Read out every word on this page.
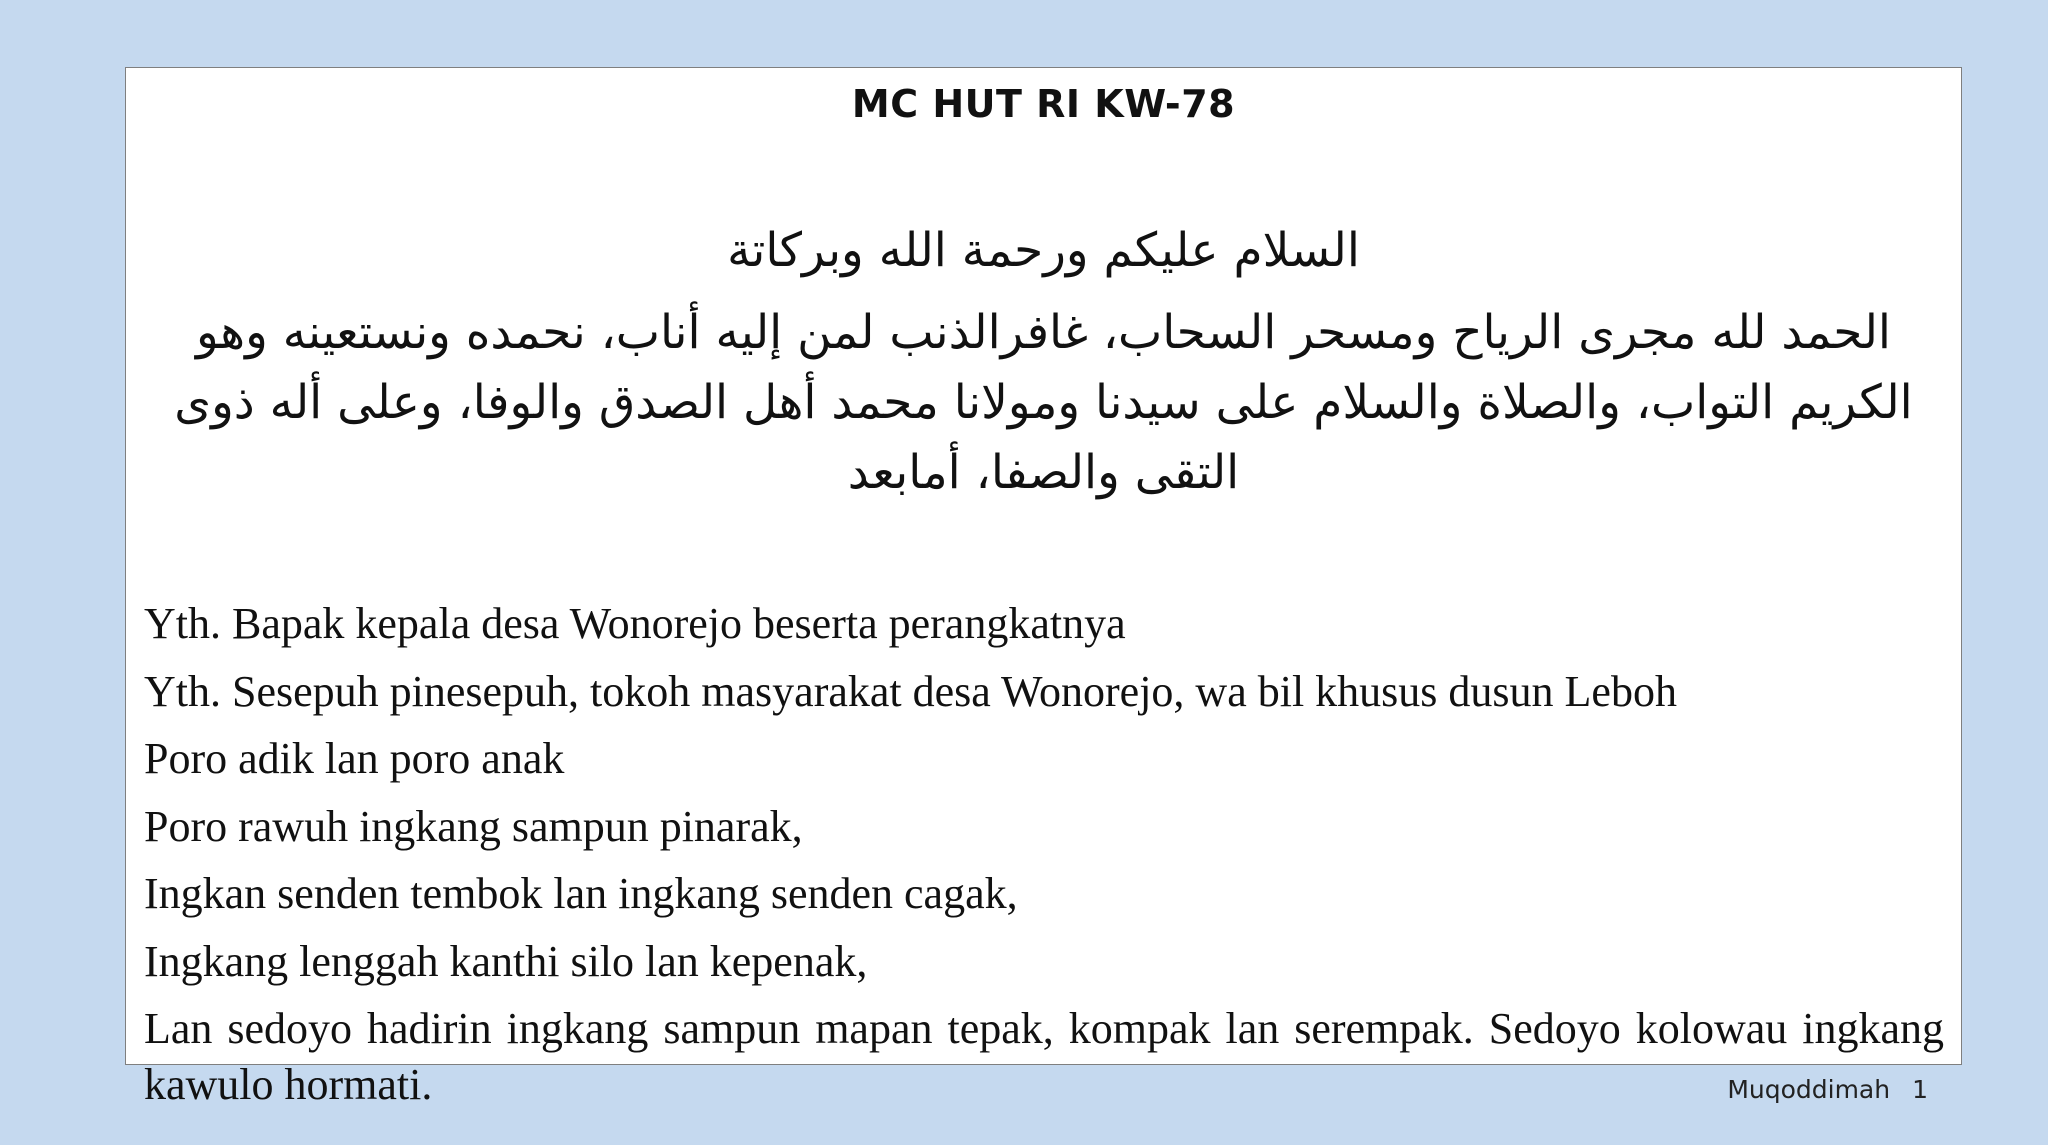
MC HUT RI KW-78
السلام عليكم ورحمة الله وبركاتة
الحمد لله مجرى الرياح ومسحر السحاب، غافرالذنب لمن إليه أناب، نحمده ونستعينه وهو الكريم التواب، والصلاة والسلام على سيدنا ومولانا محمد أهل الصدق والوفا، وعلى أله ذوى التقى والصفا، أمابعد
Yth. Bapak kepala desa Wonorejo beserta perangkatnya
Yth. Sesepuh pinesepuh, tokoh masyarakat desa Wonorejo, wa bil khusus dusun Leboh
Poro adik lan poro anak
Poro rawuh ingkang sampun pinarak,
Ingkan senden tembok lan ingkang senden cagak,
Ingkang lenggah kanthi silo lan kepenak,
Lan sedoyo hadirin ingkang sampun mapan tepak, kompak lan serempak. Sedoyo kolowau ingkang kawulo hormati.	Muqoddimah 1
